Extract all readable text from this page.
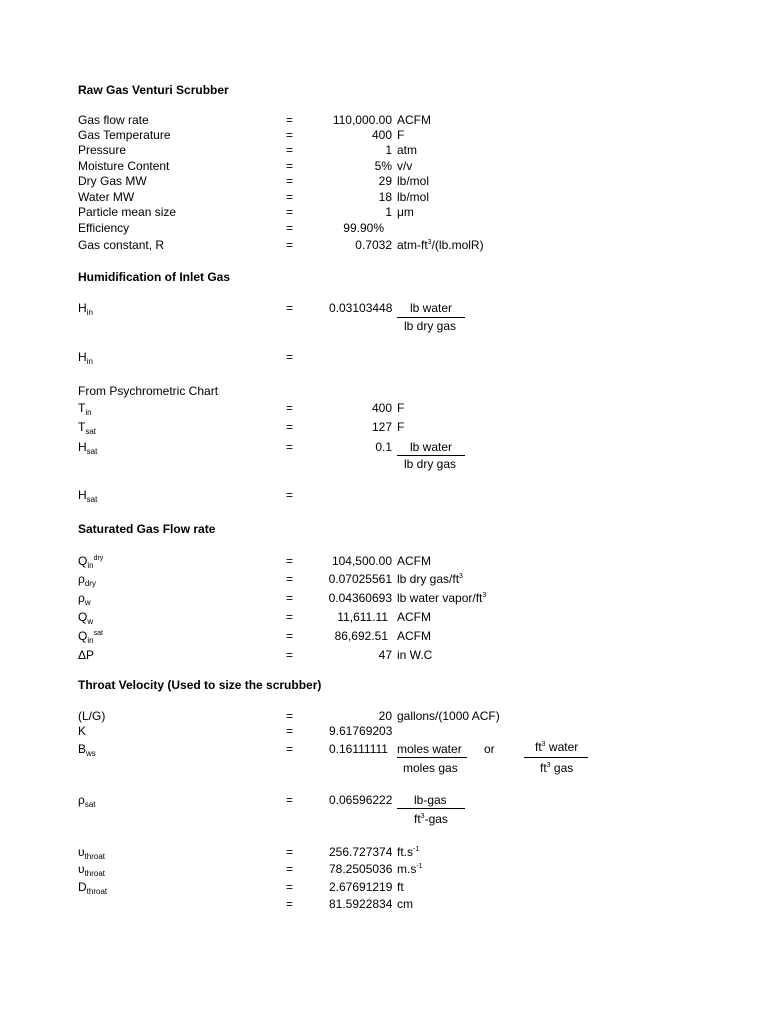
Raw Gas Venturi Scrubber
Gas flow rate	=	110,000.00 ACFM
Gas Temperature	=	400 F
Pressure	=	1 atm
Moisture Content	=	5% v/v
Dry Gas MW	=	29 lb/mol
Water MW	=	18 lb/mol
Particle mean size	=	1 μm
Efficiency	=	99.90%
Gas constant, R	=	0.7032 atm-$ft^3/(lb.molR)$
Humidification of Inlet Gas
$H_{in}$	=	0.03103448 lb water
lb dry gas
$H_{in}$	=
From Psychrometric Chart
$T_{in}$	=	400 F
$T_{sat}$	=	127 F
$H_{sat}$	=	0.1 lb water
lb dry gas
$H_{sat}$	=
Saturated Gas Flow rate
$Q_{in}^{dry}$	=	104,500.00 ACFM
$\rho_{dry}$	=	0.07025561 lb dry gas/$ft^3$
$\rho_w$	=	0.04360693 lb water vapor/$ft^3$
$Q_w$	=	11,611.11 ACFM
$Q_{in}^{sat}$	=	86,692.51 ACFM
ΔP	=	47 in W.C
Throat Velocity (Used to size the scrubber)
(L/G)	=	20 gallons/(1000 ACF)
K	=	9.61769203
$B_{ws}$	=	0.16111111 moles water
moles gas
or	$ft^3$ water
$ft^3$ gas
$\rho_{sat}$	=	0.06596222 lb-gas
$ft^3$-gas
$\upsilon_{throat}$	=	256.727374 $ft.s^{-1}$
$\upsilon_{throat}$	=	78.2505036 $m.s^{-1}$
$D_{throat}$	=	2.67691219 ft
=	81.5922834 cm
